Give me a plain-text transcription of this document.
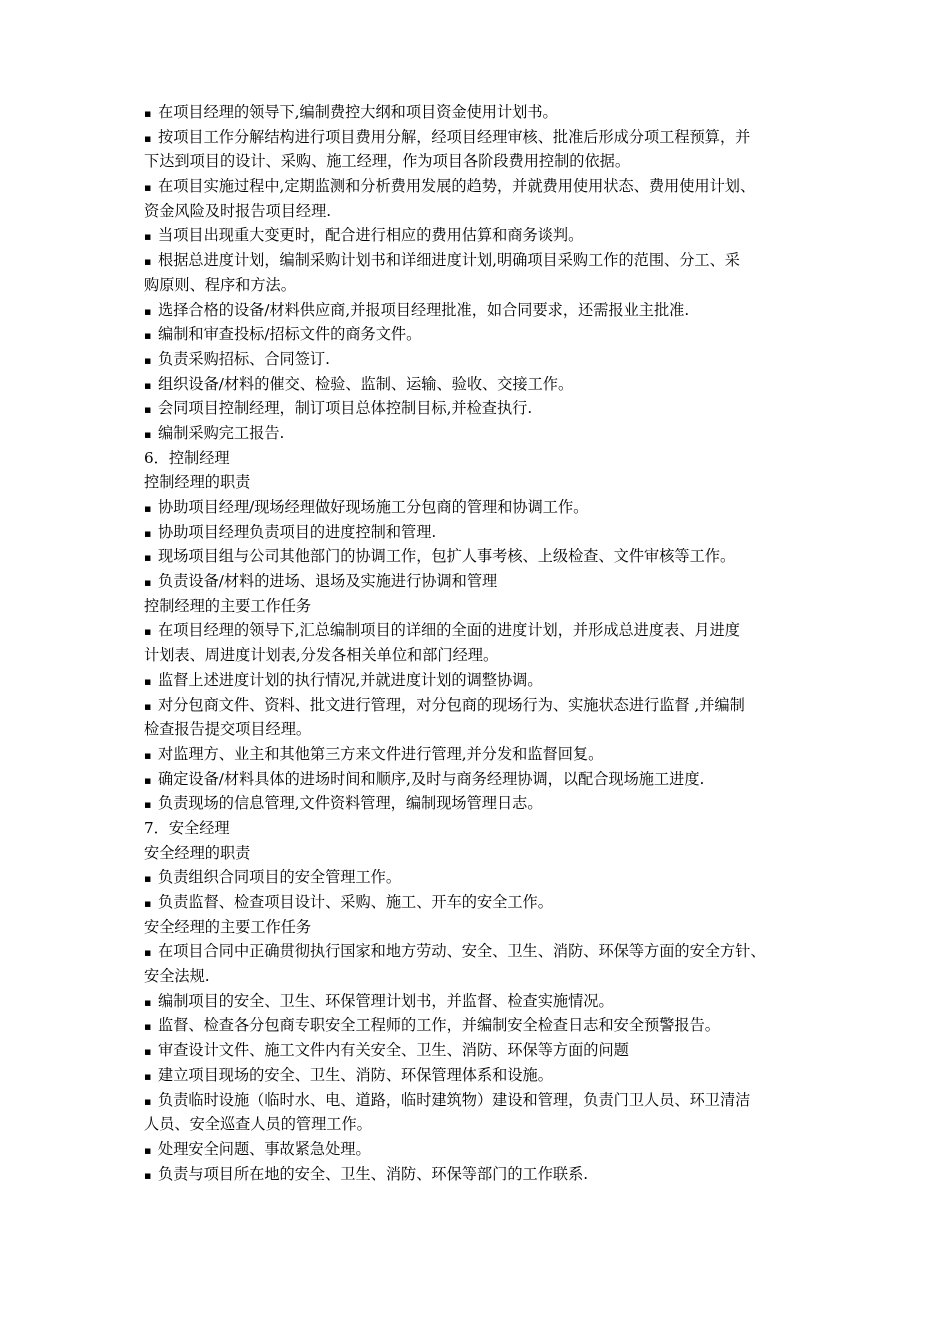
▪ 在项目经理的领导下,编制费控大纲和项目资金使用计划书。
▪ 按项目工作分解结构进行项目费用分解，经项目经理审核、批准后形成分项工程预算，并
下达到项目的设计、采购、施工经理，作为项目各阶段费用控制的依据。
▪ 在项目实施过程中,定期监测和分析费用发展的趋势，并就费用使用状态、费用使用计划、
资金风险及时报告项目经理.
▪ 当项目出现重大变更时，配合进行相应的费用估算和商务谈判。
▪ 根据总进度计划，编制采购计划书和详细进度计划,明确项目采购工作的范围、分工、采
购原则、程序和方法。
▪ 选择合格的设备/材料供应商,并报项目经理批准，如合同要求，还需报业主批准.
▪ 编制和审查投标/招标文件的商务文件。
▪ 负责采购招标、合同签订.
▪ 组织设备/材料的催交、检验、监制、运输、验收、交接工作。
▪ 会同项目控制经理，制订项目总体控制目标,并检查执行.
▪ 编制采购完工报告.
6．控制经理
控制经理的职责
▪ 协助项目经理/现场经理做好现场施工分包商的管理和协调工作。
▪ 协助项目经理负责项目的进度控制和管理.
▪ 现场项目组与公司其他部门的协调工作，包扩人事考核、上级检查、文件审核等工作。
▪ 负责设备/材料的进场、退场及实施进行协调和管理
控制经理的主要工作任务
▪ 在项目经理的领导下,汇总编制项目的详细的全面的进度计划，并形成总进度表、月进度
计划表、周进度计划表,分发各相关单位和部门经理。
▪ 监督上述进度计划的执行情况,并就进度计划的调整协调。
▪ 对分包商文件、资料、批文进行管理，对分包商的现场行为、实施状态进行监督 ,并编制
检查报告提交项目经理。
▪ 对监理方、业主和其他第三方来文件进行管理,并分发和监督回复。
▪ 确定设备/材料具体的进场时间和顺序,及时与商务经理协调，以配合现场施工进度.
▪ 负责现场的信息管理,文件资料管理，编制现场管理日志。
7．安全经理
安全经理的职责
▪ 负责组织合同项目的安全管理工作。
▪ 负责监督、检查项目设计、采购、施工、开车的安全工作。
安全经理的主要工作任务
▪ 在项目合同中正确贯彻执行国家和地方劳动、安全、卫生、消防、环保等方面的安全方针、
安全法规.
▪ 编制项目的安全、卫生、环保管理计划书，并监督、检查实施情况。
▪ 监督、检查各分包商专职安全工程师的工作，并编制安全检查日志和安全预警报告。
▪ 审查设计文件、施工文件内有关安全、卫生、消防、环保等方面的问题
▪ 建立项目现场的安全、卫生、消防、环保管理体系和设施。
▪ 负责临时设施（临时水、电、道路，临时建筑物）建设和管理，负责门卫人员、环卫清洁
人员、安全巡查人员的管理工作。
▪ 处理安全问题、事故紧急处理。
▪ 负责与项目所在地的安全、卫生、消防、环保等部门的工作联系.
